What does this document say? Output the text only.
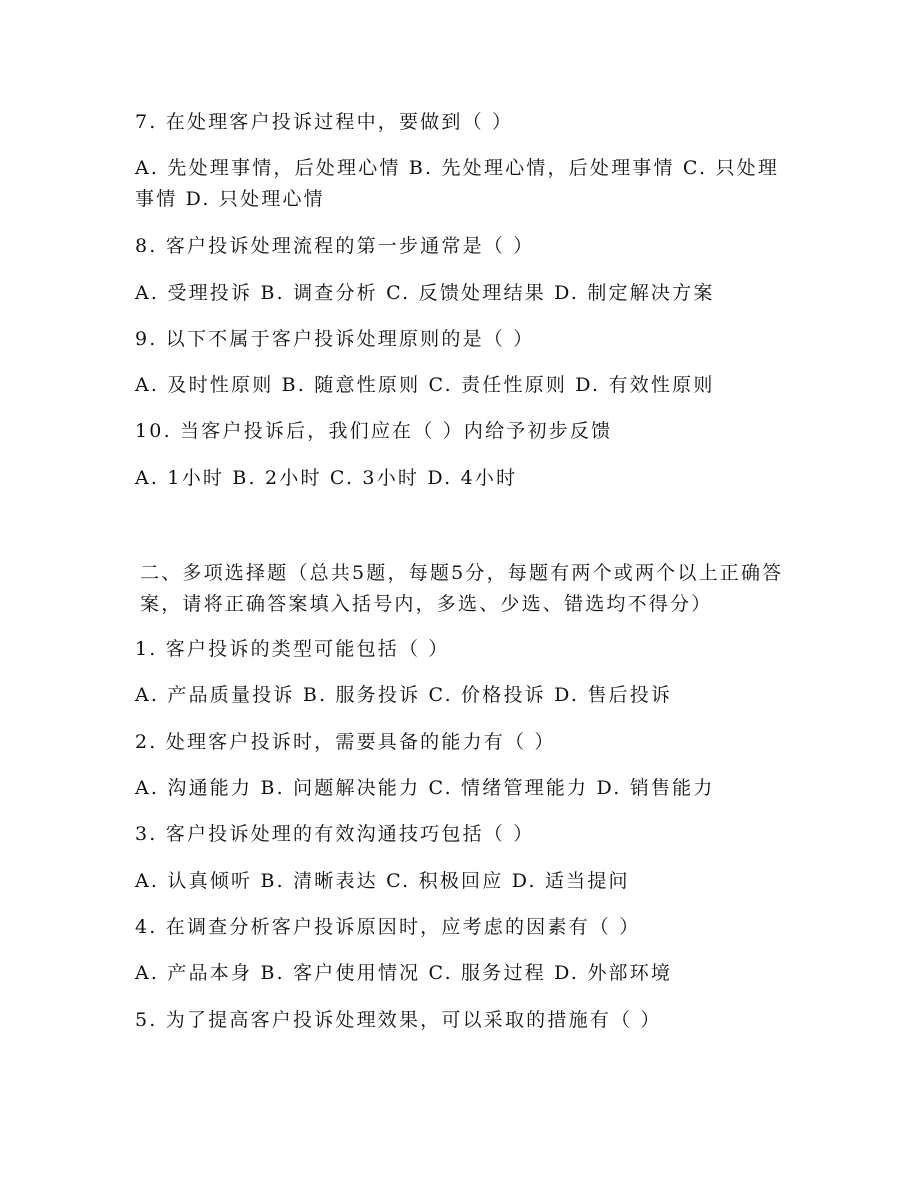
7. 在处理客户投诉过程中，要做到（ ）
A. 先处理事情，后处理心情 B. 先处理心情，后处理事情 C. 只处理事情 D. 只处理心情
8. 客户投诉处理流程的第一步通常是（ ）
A. 受理投诉 B. 调查分析 C. 反馈处理结果 D. 制定解决方案
9. 以下不属于客户投诉处理原则的是（ ）
A. 及时性原则 B. 随意性原则 C. 责任性原则 D. 有效性原则
10. 当客户投诉后，我们应在（ ）内给予初步反馈
A. 1小时 B. 2小时 C. 3小时 D. 4小时
二、多项选择题（总共5题，每题5分，每题有两个或两个以上正确答案，请将正确答案填入括号内，多选、少选、错选均不得分）
1. 客户投诉的类型可能包括（ ）
A. 产品质量投诉 B. 服务投诉 C. 价格投诉 D. 售后投诉
2. 处理客户投诉时，需要具备的能力有（ ）
A. 沟通能力 B. 问题解决能力 C. 情绪管理能力 D. 销售能力
3. 客户投诉处理的有效沟通技巧包括（ ）
A. 认真倾听 B. 清晰表达 C. 积极回应 D. 适当提问
4. 在调查分析客户投诉原因时，应考虑的因素有（ ）
A. 产品本身 B. 客户使用情况 C. 服务过程 D. 外部环境
5. 为了提高客户投诉处理效果，可以采取的措施有（ ）
